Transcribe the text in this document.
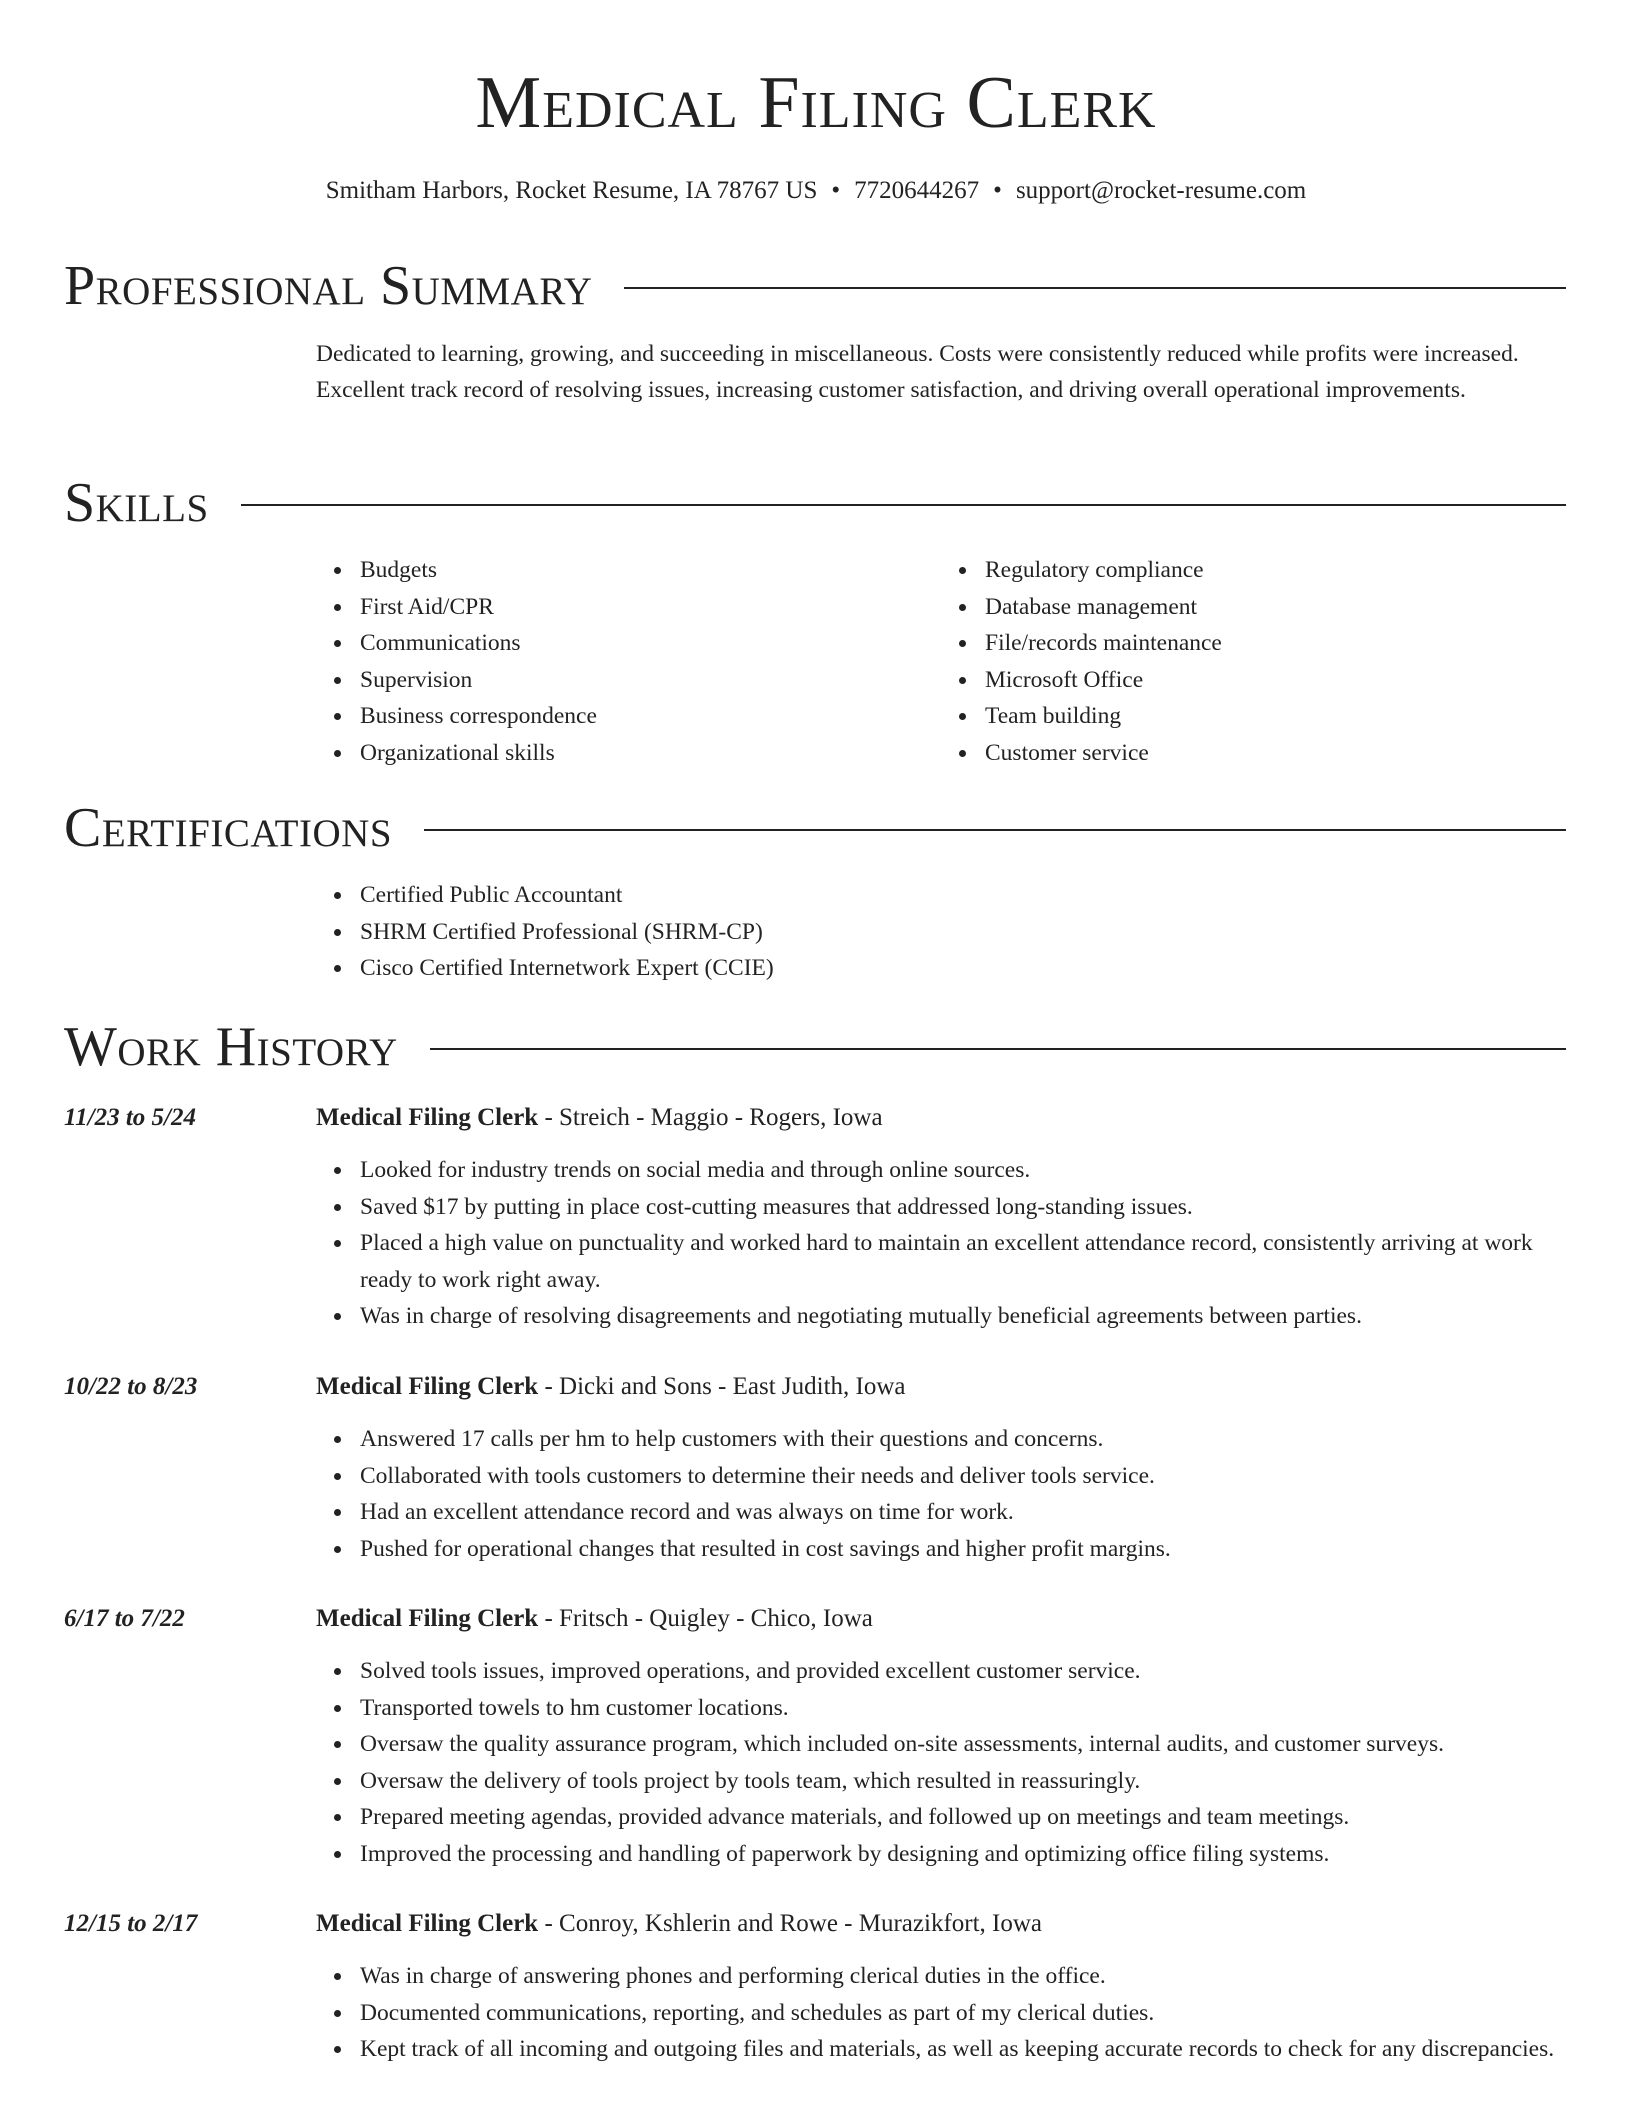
Medical Filing Clerk
Smitham Harbors, Rocket Resume, IA 78767 US • 7720644267 • support@rocket-resume.com
Professional Summary

Dedicated to learning, growing, and succeeding in miscellaneous. Costs were consistently reduced while profits were increased. Excellent track record of resolving issues, increasing customer satisfaction, and driving overall operational improvements.

Skills
Budgets
First Aid/CPR
Communications
Supervision
Business correspondence
Organizational skills
Regulatory compliance
Database management
File/records maintenance
Microsoft Office
Team building
Customer service
Certifications
Certified Public Accountant
SHRM Certified Professional (SHRM-CP)
Cisco Certified Internetwork Expert (CCIE)
Work History
11/23 to 5/24	Medical Filing Clerk - Streich - Maggio - Rogers, Iowa
Looked for industry trends on social media and through online sources.
Saved $17 by putting in place cost-cutting measures that addressed long-standing issues.
Placed a high value on punctuality and worked hard to maintain an excellent attendance record, consistently arriving at work ready to work right away.
Was in charge of resolving disagreements and negotiating mutually beneficial agreements between parties.
10/22 to 8/23	Medical Filing Clerk - Dicki and Sons - East Judith, Iowa
Answered 17 calls per hm to help customers with their questions and concerns.
Collaborated with tools customers to determine their needs and deliver tools service.
Had an excellent attendance record and was always on time for work.
Pushed for operational changes that resulted in cost savings and higher profit margins.
6/17 to 7/22	Medical Filing Clerk - Fritsch - Quigley - Chico, Iowa
Solved tools issues, improved operations, and provided excellent customer service.
Transported towels to hm customer locations.
Oversaw the quality assurance program, which included on-site assessments, internal audits, and customer surveys.
Oversaw the delivery of tools project by tools team, which resulted in reassuringly.
Prepared meeting agendas, provided advance materials, and followed up on meetings and team meetings.
Improved the processing and handling of paperwork by designing and optimizing office filing systems.
12/15 to 2/17	Medical Filing Clerk - Conroy, Kshlerin and Rowe - Murazikfort, Iowa
Was in charge of answering phones and performing clerical duties in the office.
Documented communications, reporting, and schedules as part of my clerical duties.
Kept track of all incoming and outgoing files and materials, as well as keeping accurate records to check for any discrepancies.
